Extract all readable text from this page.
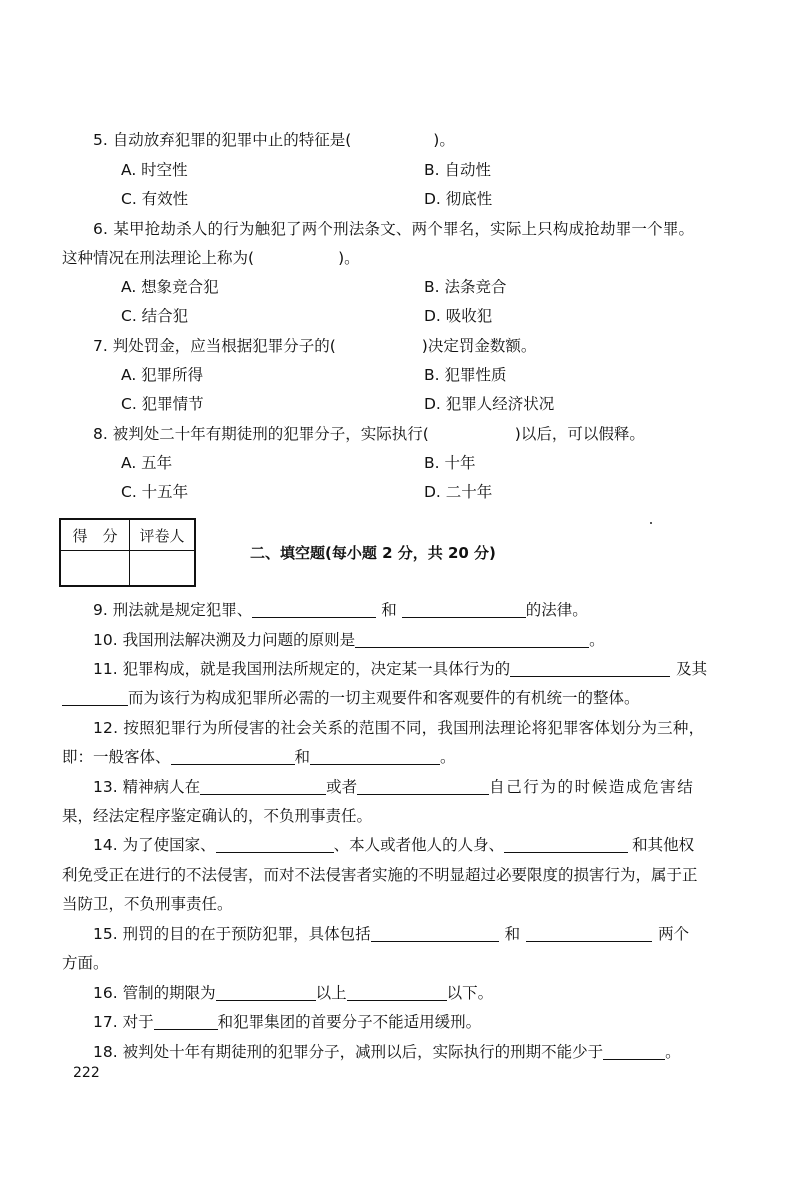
5. 自动放弃犯罪的犯罪中止的特征是(	)。
A. 时空性	B. 自动性
C. 有效性	D. 彻底性
6. 某甲抢劫杀人的行为触犯了两个刑法条文、两个罪名，实际上只构成抢劫罪一个罪。
这种情况在刑法理论上称为(	)。
A. 想象竞合犯	B. 法条竞合
C. 结合犯	D. 吸收犯
7. 判处罚金，应当根据犯罪分子的(	)决定罚金数额。
A. 犯罪所得	B. 犯罪性质
C. 犯罪情节	D. 犯罪人经济状况
8. 被判处二十年有期徒刑的犯罪分子，实际执行(	)以后，可以假释。
A. 五年	B. 十年
C. 十五年	D. 二十年
得　分	评卷人

二、填空题(每小题 2 分，共 20 分)
9. 刑法就是规定犯罪、	和	的法律。
10. 我国刑法解决溯及力问题的原则是	。
11. 犯罪构成，就是我国刑法所规定的，决定某一具体行为的	及其
而为该行为构成犯罪所必需的一切主观要件和客观要件的有机统一的整体。
12. 按照犯罪行为所侵害的社会关系的范围不同，我国刑法理论将犯罪客体划分为三种，
即：一般客体、	和	。
13. 精神病人在	或者	自己行为的时候造成危害结
果，经法定程序鉴定确认的，不负刑事责任。
14. 为了使国家、	、本人或者他人的人身、	和其他权
利免受正在进行的不法侵害，而对不法侵害者实施的不明显超过必要限度的损害行为，属于正
当防卫，不负刑事责任。
15. 刑罚的目的在于预防犯罪，具体包括	和	两个
方面。
16. 管制的期限为	以上	以下。
17. 对于	和犯罪集团的首要分子不能适用缓刑。
18. 被判处十年有期徒刑的犯罪分子，减刑以后，实际执行的刑期不能少于	。
222
